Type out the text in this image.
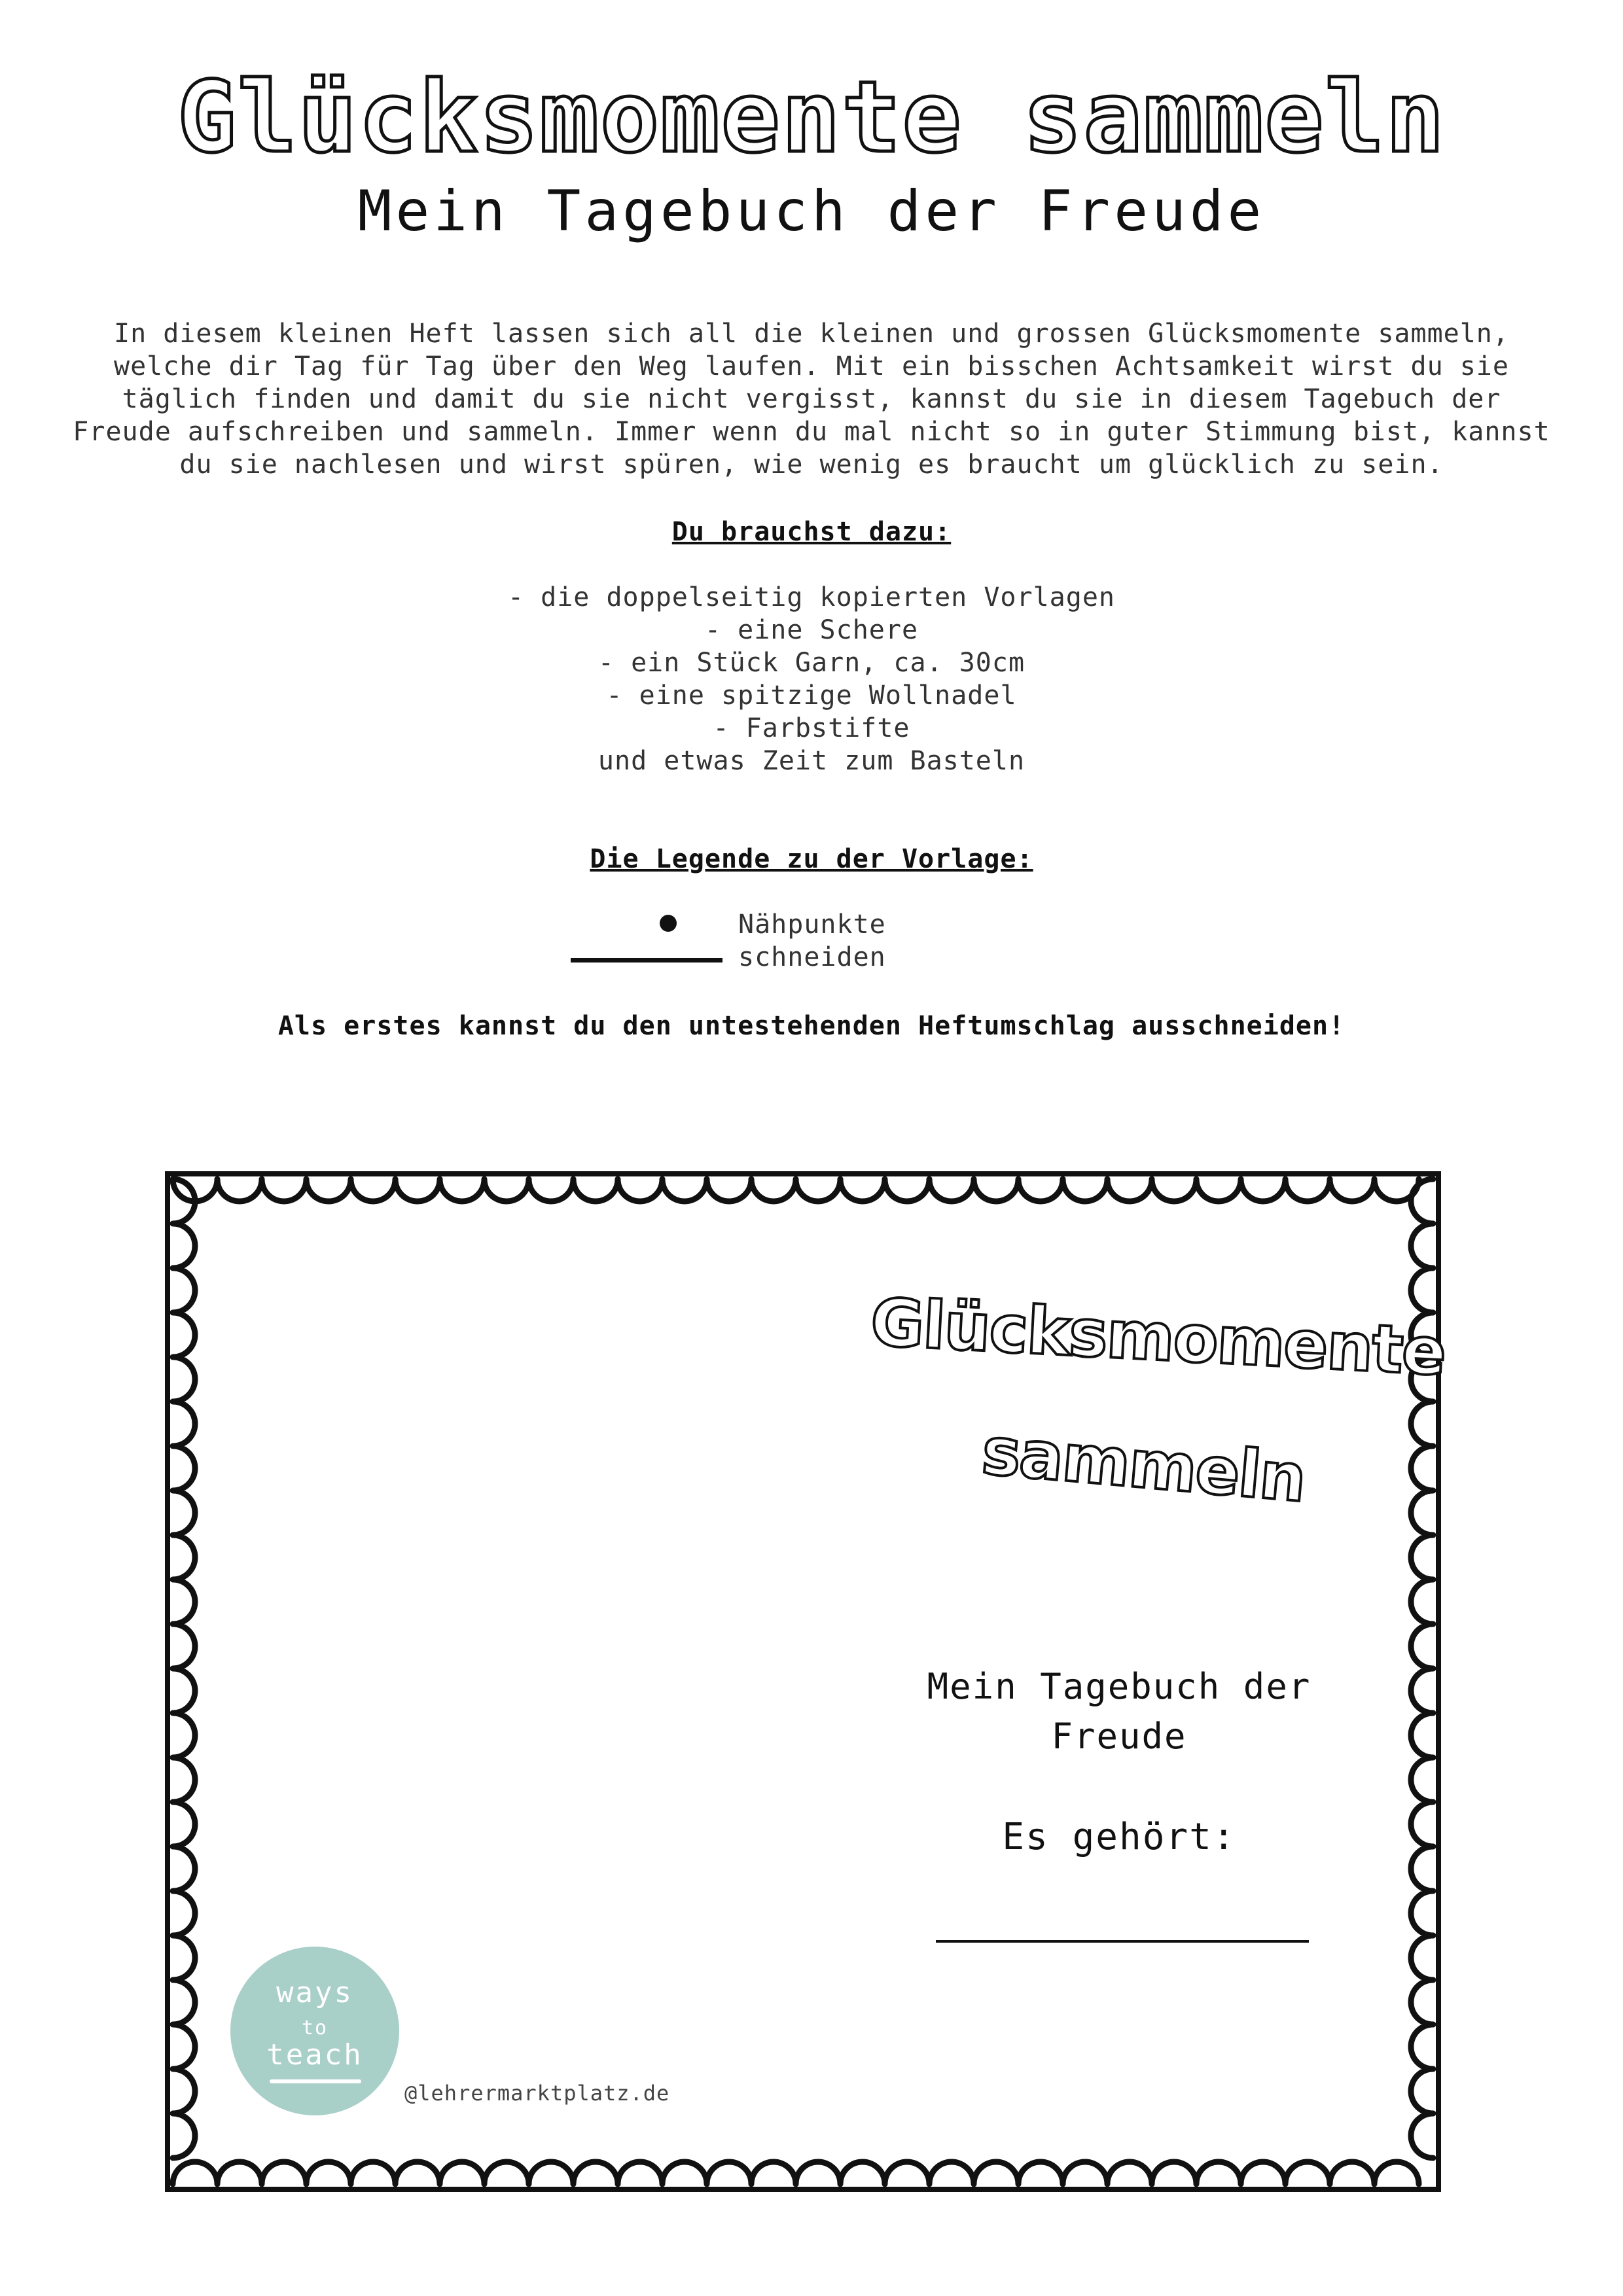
Glücksmomente sammeln
Mein Tagebuch der Freude
In diesem kleinen Heft lassen sich all die kleinen und grossen Glücksmomente sammeln, welche dir Tag für Tag über den Weg laufen. Mit ein bisschen Achtsamkeit wirst du sie täglich finden und damit du sie nicht vergisst, kannst du sie in diesem Tagebuch der Freude aufschreiben und sammeln. Immer wenn du mal nicht so in guter Stimmung bist, kannst du sie nachlesen und wirst spüren, wie wenig es braucht um glücklich zu sein.
Du brauchst dazu:
- die doppelseitig kopierten Vorlagen
- eine Schere
- ein Stück Garn, ca. 30cm
- eine spitzige Wollnadel
- Farbstifte
und etwas Zeit zum Basteln
Die Legende zu der Vorlage:
Nähpunkte
schneiden
Als erstes kannst du den untestehenden Heftumschlag ausschneiden!
Glücksmomente
sammeln
Mein Tagebuch der
Freude
Es gehört:
ways
to
teach
@lehrermarktplatz.de
